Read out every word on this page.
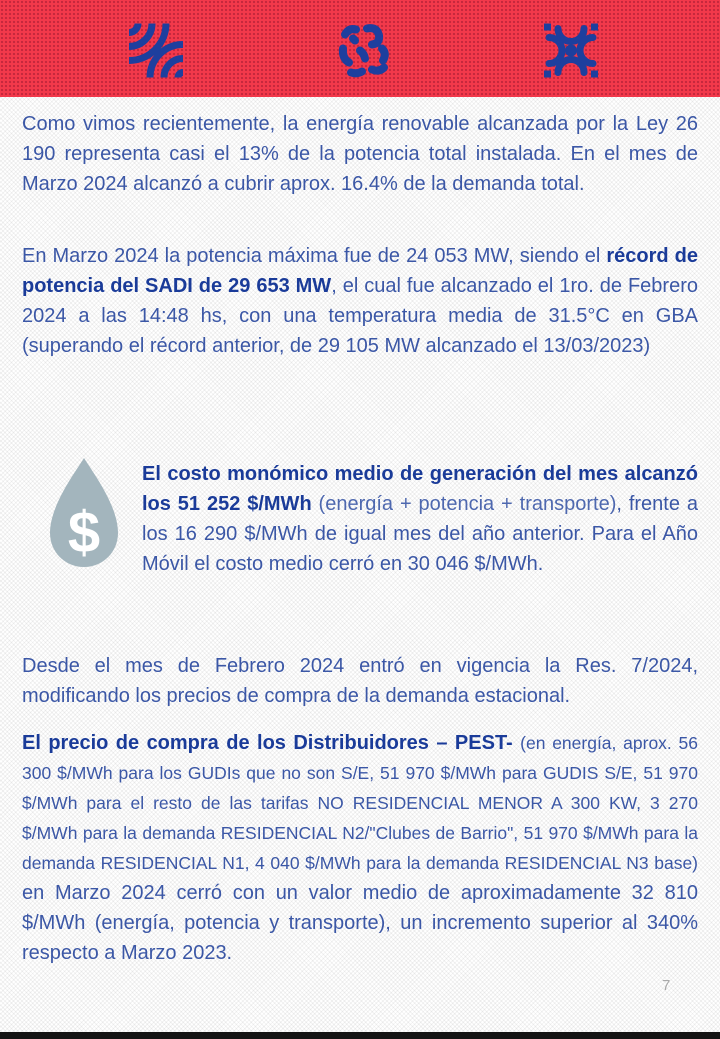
Como vimos recientemente, la energía renovable alcanzada por la Ley 26 190 representa casi el 13% de la potencia total instalada. En el mes de Marzo 2024 alcanzó a cubrir aprox. 16.4% de la demanda total.

En Marzo 2024 la potencia máxima fue de 24 053 MW, siendo el récord de potencia del SADI de 29 653 MW, el cual fue alcanzado el 1ro. de Febrero 2024 a las 14:48 hs, con una temperatura media de 31.5°C en GBA (superando el récord anterior, de 29 105 MW alcanzado el 13/03/2023)

$

El costo monómico medio de generación del mes alcanzó los 51 252 $/MWh (energía + potencia + transporte), frente a los 16 290 $/MWh de igual mes del año anterior. Para el Año Móvil el costo medio cerró en 30 046 $/MWh.

Desde el mes de Febrero 2024 entró en vigencia la Res. 7/2024, modificando los precios de compra de la demanda estacional.

El precio de compra de los Distribuidores – PEST- (en energía, aprox. 56 300 $/MWh para los GUDIs que no son S/E, 51 970 $/MWh para GUDIS S/E, 51 970 $/MWh para el resto de las tarifas NO RESIDENCIAL MENOR A 300 KW, 3 270 $/MWh para la demanda RESIDENCIAL N2/"Clubes de Barrio", 51 970 $/MWh para la demanda RESIDENCIAL N1, 4 040 $/MWh para la demanda RESIDENCIAL N3 base) en Marzo 2024 cerró con un valor medio de aproximadamente 32 810 $/MWh (energía, potencia y transporte), un incremento superior al 340% respecto a Marzo 2023.

7
